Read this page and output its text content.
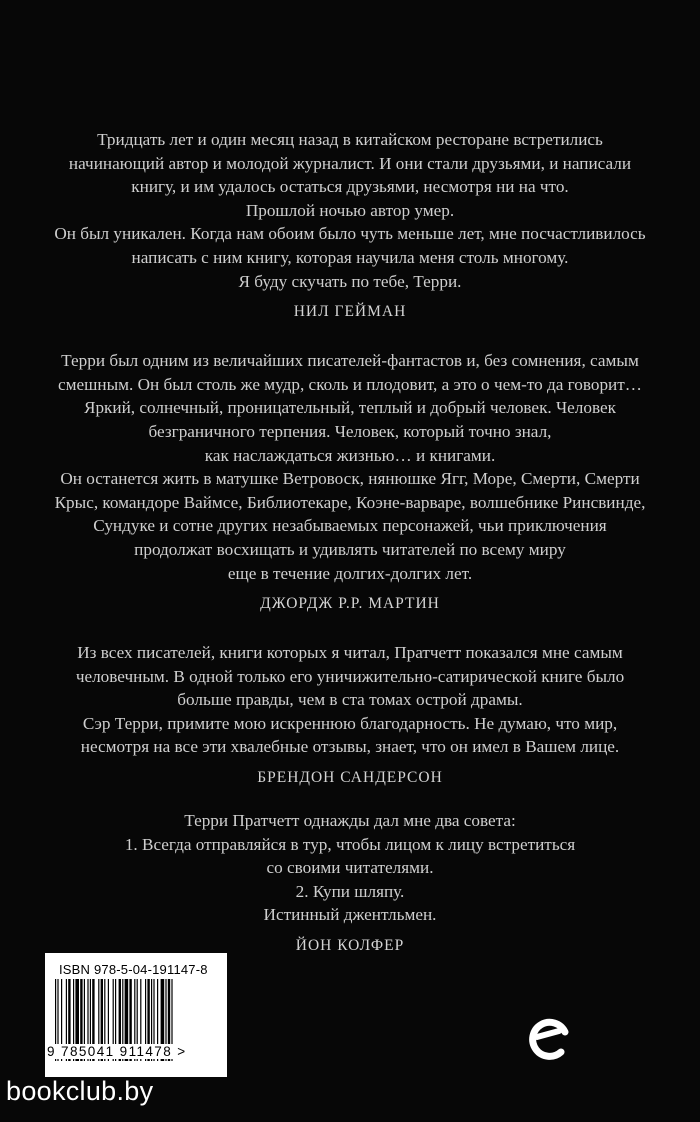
Тридцать лет и один месяц назад в китайском ресторане встретились

начинающий автор и молодой журналист. И они стали друзьями, и написали

книгу, и им удалось остаться друзьями, несмотря ни на что.

Прошлой ночью автор умер.

Он был уникален. Когда нам обоим было чуть меньше лет, мне посчастливилось

написать с ним книгу, которая научила меня столь многому.

Я буду скучать по тебе, Терри.

НИЛ ГЕЙМАН

Терри был одним из величайших писателей-фантастов и, без сомнения, самым

смешным. Он был столь же мудр, сколь и плодовит, а это о чем-то да говорит…

Яркий, солнечный, проницательный, теплый и добрый человек. Человек

безграничного терпения. Человек, который точно знал,

как наслаждаться жизнью… и книгами.

Он останется жить в матушке Ветровоск, нянюшке Ягг, Море, Смерти, Смерти

Крыс, командоре Ваймсе, Библиотекаре, Коэне-варваре, волшебнике Ринсвинде,

Сундуке и сотне других незабываемых персонажей, чьи приключения

продолжат восхищать и удивлять читателей по всему миру

еще в течение долгих-долгих лет.

ДЖОРДЖ Р.Р. МАРТИН

Из всех писателей, книги которых я читал, Пратчетт показался мне самым

человечным. В одной только его уничижительно-сатирической книге было

больше правды, чем в ста томах острой драмы.

Сэр Терри, примите мою искреннюю благодарность. Не думаю, что мир,

несмотря на все эти хвалебные отзывы, знает, что он имел в Вашем лице.

БРЕНДОН САНДЕРСОН

Терри Пратчетт однажды дал мне два совета:

1. Всегда отправляйся в тур, чтобы лицом к лицу встретиться

со своими читателями.

2. Купи шляпу.

Истинный джентльмен.

ЙОН КОЛФЕР

ISBN 978-5-04-191147-8
9 785041 911478 >
bookclub.by
